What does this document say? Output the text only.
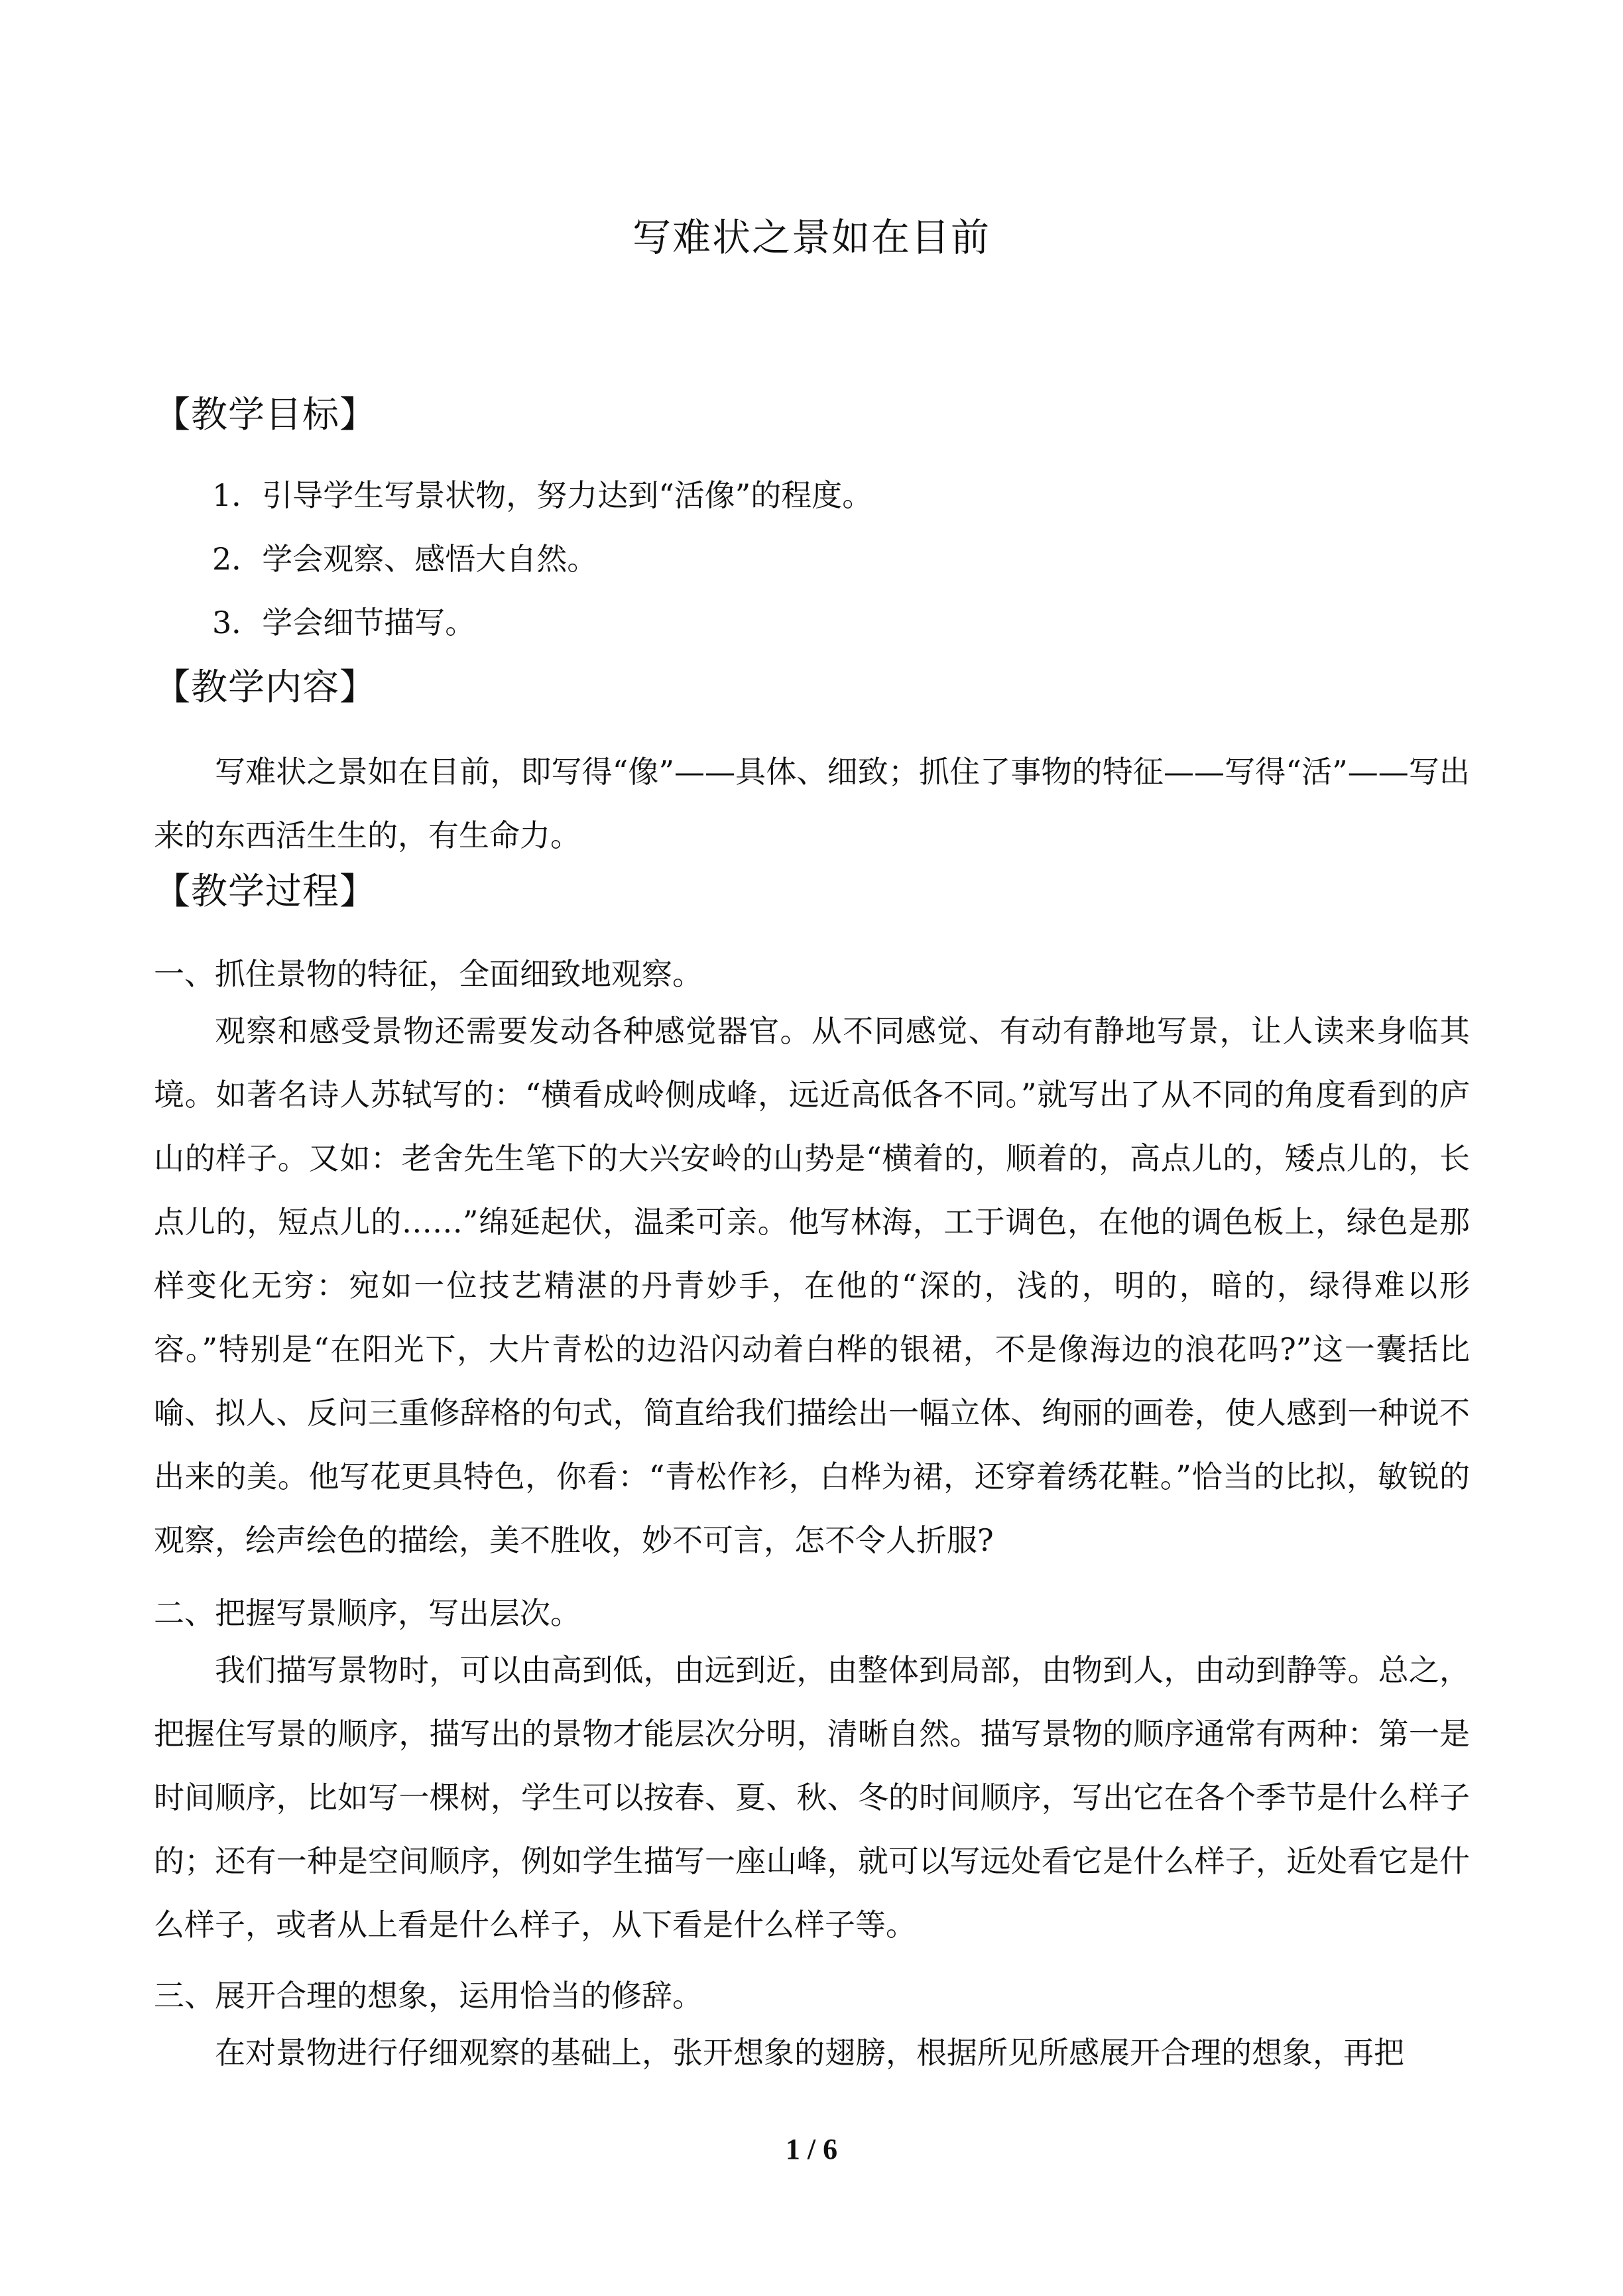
写难状之景如在目前
【教学目标】
1．引导学生写景状物，努力达到“活像”的程度。
2．学会观察、感悟大自然。
3．学会细节描写。
【教学内容】
写难状之景如在目前，即写得“像”——具体、细致；抓住了事物的特征——写得“活”——写出来的东西活生生的，有生命力。
【教学过程】
一、抓住景物的特征，全面细致地观察。
观察和感受景物还需要发动各种感觉器官。从不同感觉、有动有静地写景，让人读来身临其境。如著名诗人苏轼写的：“横看成岭侧成峰，远近高低各不同。”就写出了从不同的角度看到的庐山的样子。又如：老舍先生笔下的大兴安岭的山势是“横着的，顺着的，高点儿的，矮点儿的，长点儿的，短点儿的……”绵延起伏，温柔可亲。他写林海，工于调色，在他的调色板上，绿色是那样变化无穷：宛如一位技艺精湛的丹青妙手，在他的“深的，浅的，明的，暗的，绿得难以形容。”特别是“在阳光下，大片青松的边沿闪动着白桦的银裙，不是像海边的浪花吗?”这一囊括比喻、拟人、反问三重修辞格的句式，简直给我们描绘出一幅立体、绚丽的画卷，使人感到一种说不出来的美。他写花更具特色，你看：“青松作衫，白桦为裙，还穿着绣花鞋。”恰当的比拟，敏锐的观察，绘声绘色的描绘，美不胜收，妙不可言，怎不令人折服?
二、把握写景顺序，写出层次。
我们描写景物时，可以由高到低，由远到近，由整体到局部，由物到人，由动到静等。总之，把握住写景的顺序，描写出的景物才能层次分明，清晰自然。描写景物的顺序通常有两种：第一是时间顺序，比如写一棵树，学生可以按春、夏、秋、冬的时间顺序，写出它在各个季节是什么样子的；还有一种是空间顺序，例如学生描写一座山峰，就可以写远处看它是什么样子，近处看它是什么样子，或者从上看是什么样子，从下看是什么样子等。
三、展开合理的想象，运用恰当的修辞。
在对景物进行仔细观察的基础上，张开想象的翅膀，根据所见所感展开合理的想象，再把
1 / 6
